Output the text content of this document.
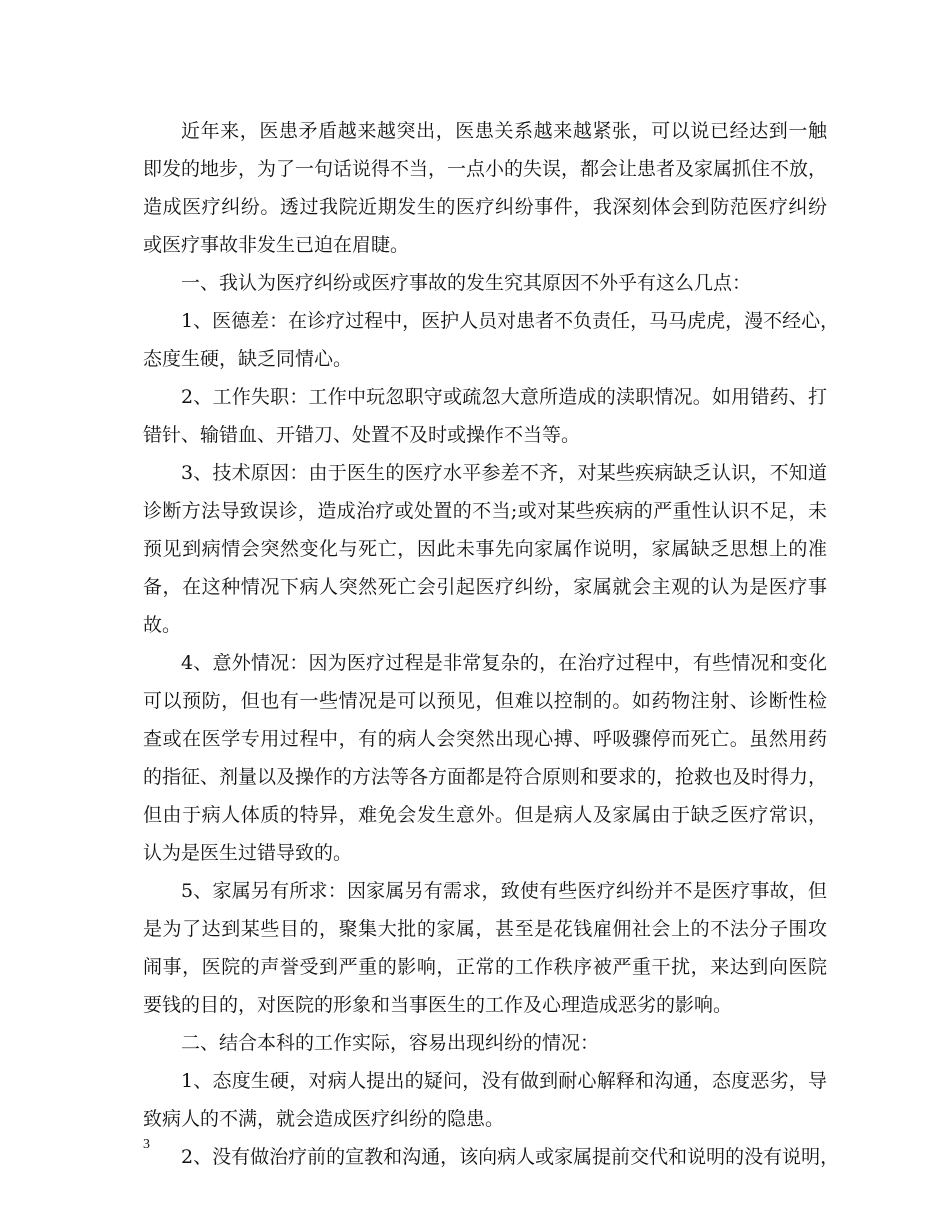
近年来，医患矛盾越来越突出，医患关系越来越紧张，可以说已经达到一触
即发的地步，为了一句话说得不当，一点小的失误，都会让患者及家属抓住不放，
造成医疗纠纷。透过我院近期发生的医疗纠纷事件，我深刻体会到防范医疗纠纷
或医疗事故非发生已迫在眉睫。
一、我认为医疗纠纷或医疗事故的发生究其原因不外乎有这么几点：
1、医德差：在诊疗过程中，医护人员对患者不负责任，马马虎虎，漫不经心，
态度生硬，缺乏同情心。
2、工作失职：工作中玩忽职守或疏忽大意所造成的渎职情况。如用错药、打
错针、输错血、开错刀、处置不及时或操作不当等。
3、技术原因：由于医生的医疗水平参差不齐，对某些疾病缺乏认识，不知道
诊断方法导致误诊，造成治疗或处置的不当;或对某些疾病的严重性认识不足，未
预见到病情会突然变化与死亡，因此未事先向家属作说明，家属缺乏思想上的准
备，在这种情况下病人突然死亡会引起医疗纠纷，家属就会主观的认为是医疗事
故。
4、意外情况：因为医疗过程是非常复杂的，在治疗过程中，有些情况和变化
可以预防，但也有一些情况是可以预见，但难以控制的。如药物注射、诊断性检
查或在医学专用过程中，有的病人会突然出现心搏、呼吸骤停而死亡。虽然用药
的指征、剂量以及操作的方法等各方面都是符合原则和要求的，抢救也及时得力，
但由于病人体质的特异，难免会发生意外。但是病人及家属由于缺乏医疗常识，
认为是医生过错导致的。
5、家属另有所求：因家属另有需求，致使有些医疗纠纷并不是医疗事故，但
是为了达到某些目的，聚集大批的家属，甚至是花钱雇佣社会上的不法分子围攻
闹事，医院的声誉受到严重的影响，正常的工作秩序被严重干扰，来达到向医院
要钱的目的，对医院的形象和当事医生的工作及心理造成恶劣的影响。
二、结合本科的工作实际，容易出现纠纷的情况：
1、态度生硬，对病人提出的疑问，没有做到耐心解释和沟通，态度恶劣，导
致病人的不满，就会造成医疗纠纷的隐患。
2、没有做治疗前的宣教和沟通，该向病人或家属提前交代和说明的没有说明，
3
